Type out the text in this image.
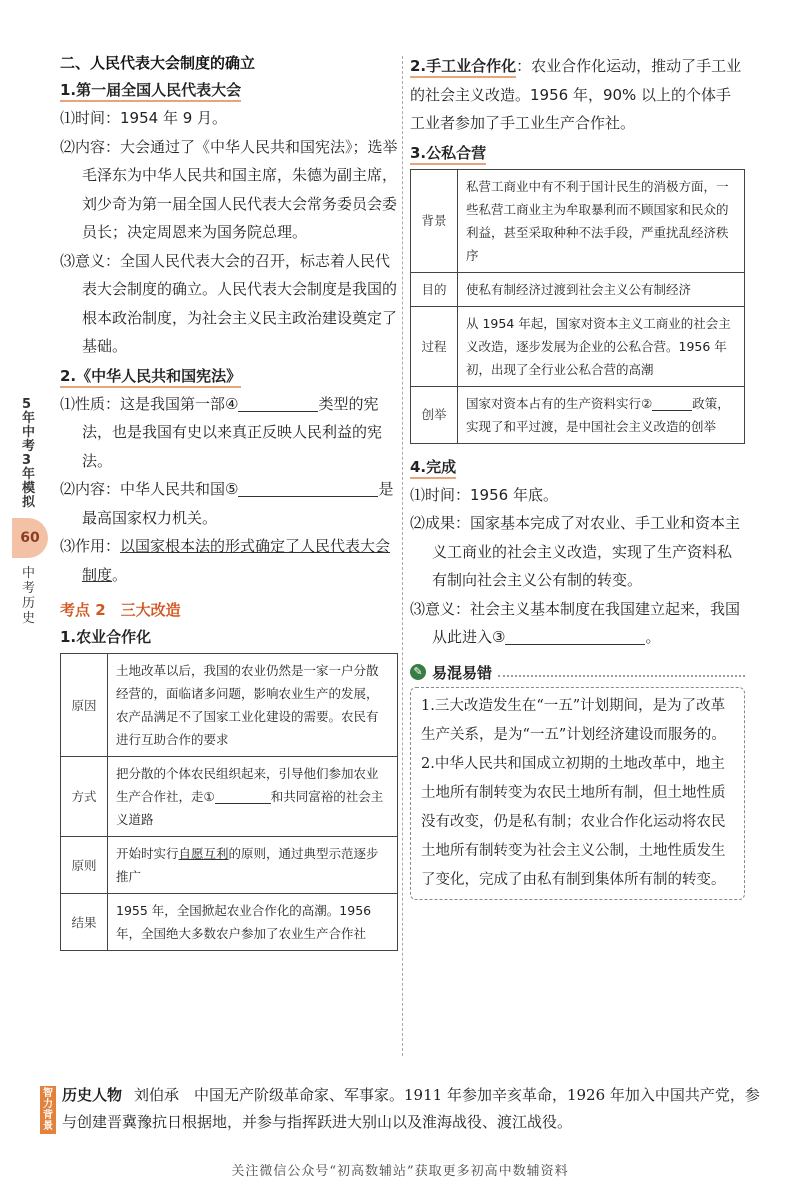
5年中考3年模拟
60
中考历史
二、人民代表大会制度的确立
1.第一届全国人民代表大会

⑴时间：1954 年 9 月。

⑵内容：大会通过了《中华人民共和国宪法》；选举毛泽东为中华人民共和国主席，朱德为副主席，刘少奇为第一届全国人民代表大会常务委员会委员长；决定周恩来为国务院总理。

⑶意义：全国人民代表大会的召开，标志着人民代表大会制度的确立。人民代表大会制度是我国的根本政治制度，为社会主义民主政治建设奠定了基础。

2.《中华人民共和国宪法》

⑴性质：这是我国第一部④	类型的宪法，也是我国有史以来真正反映人民利益的宪法。

⑵内容：中华人民共和国⑤	是最高国家权力机关。

⑶作用：以国家根本法的形式确定了人民代表大会制度。

考点 2　三大改造
1.农业合作化
原因	土地改革以后，我国的农业仍然是一家一户分散经营的，面临诸多问题，影响农业生产的发展，农产品满足不了国家工业化建设的需要。农民有进行互助合作的要求
方式	把分散的个体农民组织起来，引导他们参加农业生产合作社，走① 和共同富裕的社会主义道路
原则	开始时实行自愿互利的原则，通过典型示范逐步推广
结果	1955 年，全国掀起农业合作化的高潮。1956 年，全国绝大多数农户参加了农业生产合作社

2.手工业合作化：农业合作化运动，推动了手工业的社会主义改造。1956 年，90% 以上的个体手工业者参加了手工业生产合作社。

3.公私合营
背景	私营工商业中有不利于国计民生的消极方面，一些私营工商业主为牟取暴利而不顾国家和民众的利益，甚至采取种种不法手段，严重扰乱经济秩序
目的	使私有制经济过渡到社会主义公有制经济
过程	从 1954 年起，国家对资本主义工商业的社会主义改造，逐步发展为企业的公私合营。1956 年初，出现了全行业公私合营的高潮
创举	国家对资本占有的生产资料实行② 政策，实现了和平过渡，是中国社会主义改造的创举
4.完成

⑴时间：1956 年底。

⑵成果：国家基本完成了对农业、手工业和资本主义工商业的社会主义改造，实现了生产资料私有制向社会主义公有制的转变。

⑶意义：社会主义基本制度在我国建立起来，我国从此进入③	。

✎ 易混易错
1.三大改造发生在“一五”计划期间，是为了改革生产关系，是为“一五”计划经济建设而服务的。
2.中华人民共和国成立初期的土地改革中，地主土地所有制转变为农民土地所有制，但土地性质没有改变，仍是私有制；农业合作化运动将农民土地所有制转变为社会主义公制，土地性质发生了变化，完成了由私有制到集体所有制的转变。
智力背景
历史人物 刘伯承　中国无产阶级革命家、军事家。1911 年参加辛亥革命，1926 年加入中国共产党，参与创建晋冀豫抗日根据地，并参与指挥跃进大别山以及淮海战役、渡江战役。
关注微信公众号“初高数辅站”获取更多初高中数辅资料
